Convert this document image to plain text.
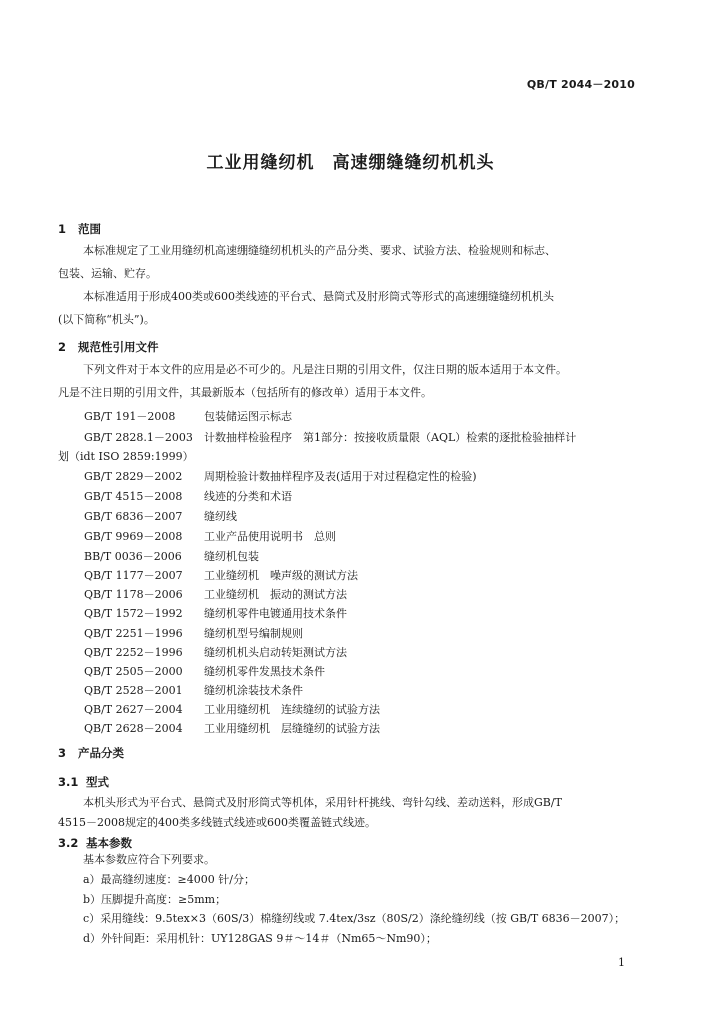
QB/T 2044－2010
工业用缝纫机　高速绷缝缝纫机机头
1 范围
本标准规定了工业用缝纫机高速绷缝缝纫机机头的产品分类、要求、试验方法、检验规则和标志、
包装、运输、贮存。
本标准适用于形成400类或600类线迹的平台式、悬筒式及肘形筒式等形式的高速绷缝缝纫机机头
(以下简称“机头”)。
2 规范性引用文件
下列文件对于本文件的应用是必不可少的。凡是注日期的引用文件，仅注日期的版本适用于本文件。
凡是不注日期的引用文件，其最新版本（包括所有的修改单）适用于本文件。
GB/T 191－2008	包装储运图示标志
GB/T 2828.1－2003 计数抽样检验程序　第1部分：按接收质量限（AQL）检索的逐批检验抽样计
划（idt ISO 2859:1999）
GB/T 2829－2002 周期检验计数抽样程序及表(适用于对过程稳定性的检验)
GB/T 4515－2008 线迹的分类和术语
GB/T 6836－2007 缝纫线
GB/T 9969－2008 工业产品使用说明书　总则
BB/T 0036－2006 缝纫机包装
QB/T 1177－2007 工业缝纫机　噪声级的测试方法
QB/T 1178－2006 工业缝纫机　振动的测试方法
QB/T 1572－1992 缝纫机零件电镀通用技术条件
QB/T 2251－1996 缝纫机型号编制规则
QB/T 2252－1996 缝纫机机头启动转矩测试方法
QB/T 2505－2000 缝纫机零件发黑技术条件
QB/T 2528－2001 缝纫机涂装技术条件
QB/T 2627－2004 工业用缝纫机　连续缝纫的试验方法
QB/T 2628－2004 工业用缝纫机　层缝缝纫的试验方法
3 产品分类
3.1 型式
本机头形式为平台式、悬筒式及肘形筒式等机体，采用针杆挑线、弯针勾线、差动送料，形成GB/T
4515－2008规定的400类多线链式线迹或600类覆盖链式线迹。
3.2 基本参数
基本参数应符合下列要求。
a）最高缝纫速度：≥4000 针/分；
b）压脚提升高度：≥5mm；
c）采用缝线：9.5tex×3（60S/3）棉缝纫线或 7.4tex/3sz（80S/2）涤纶缝纫线（按 GB/T 6836－2007）；
d）外针间距：采用机针：UY128GAS 9＃～14＃（Nm65～Nm90）；
1
